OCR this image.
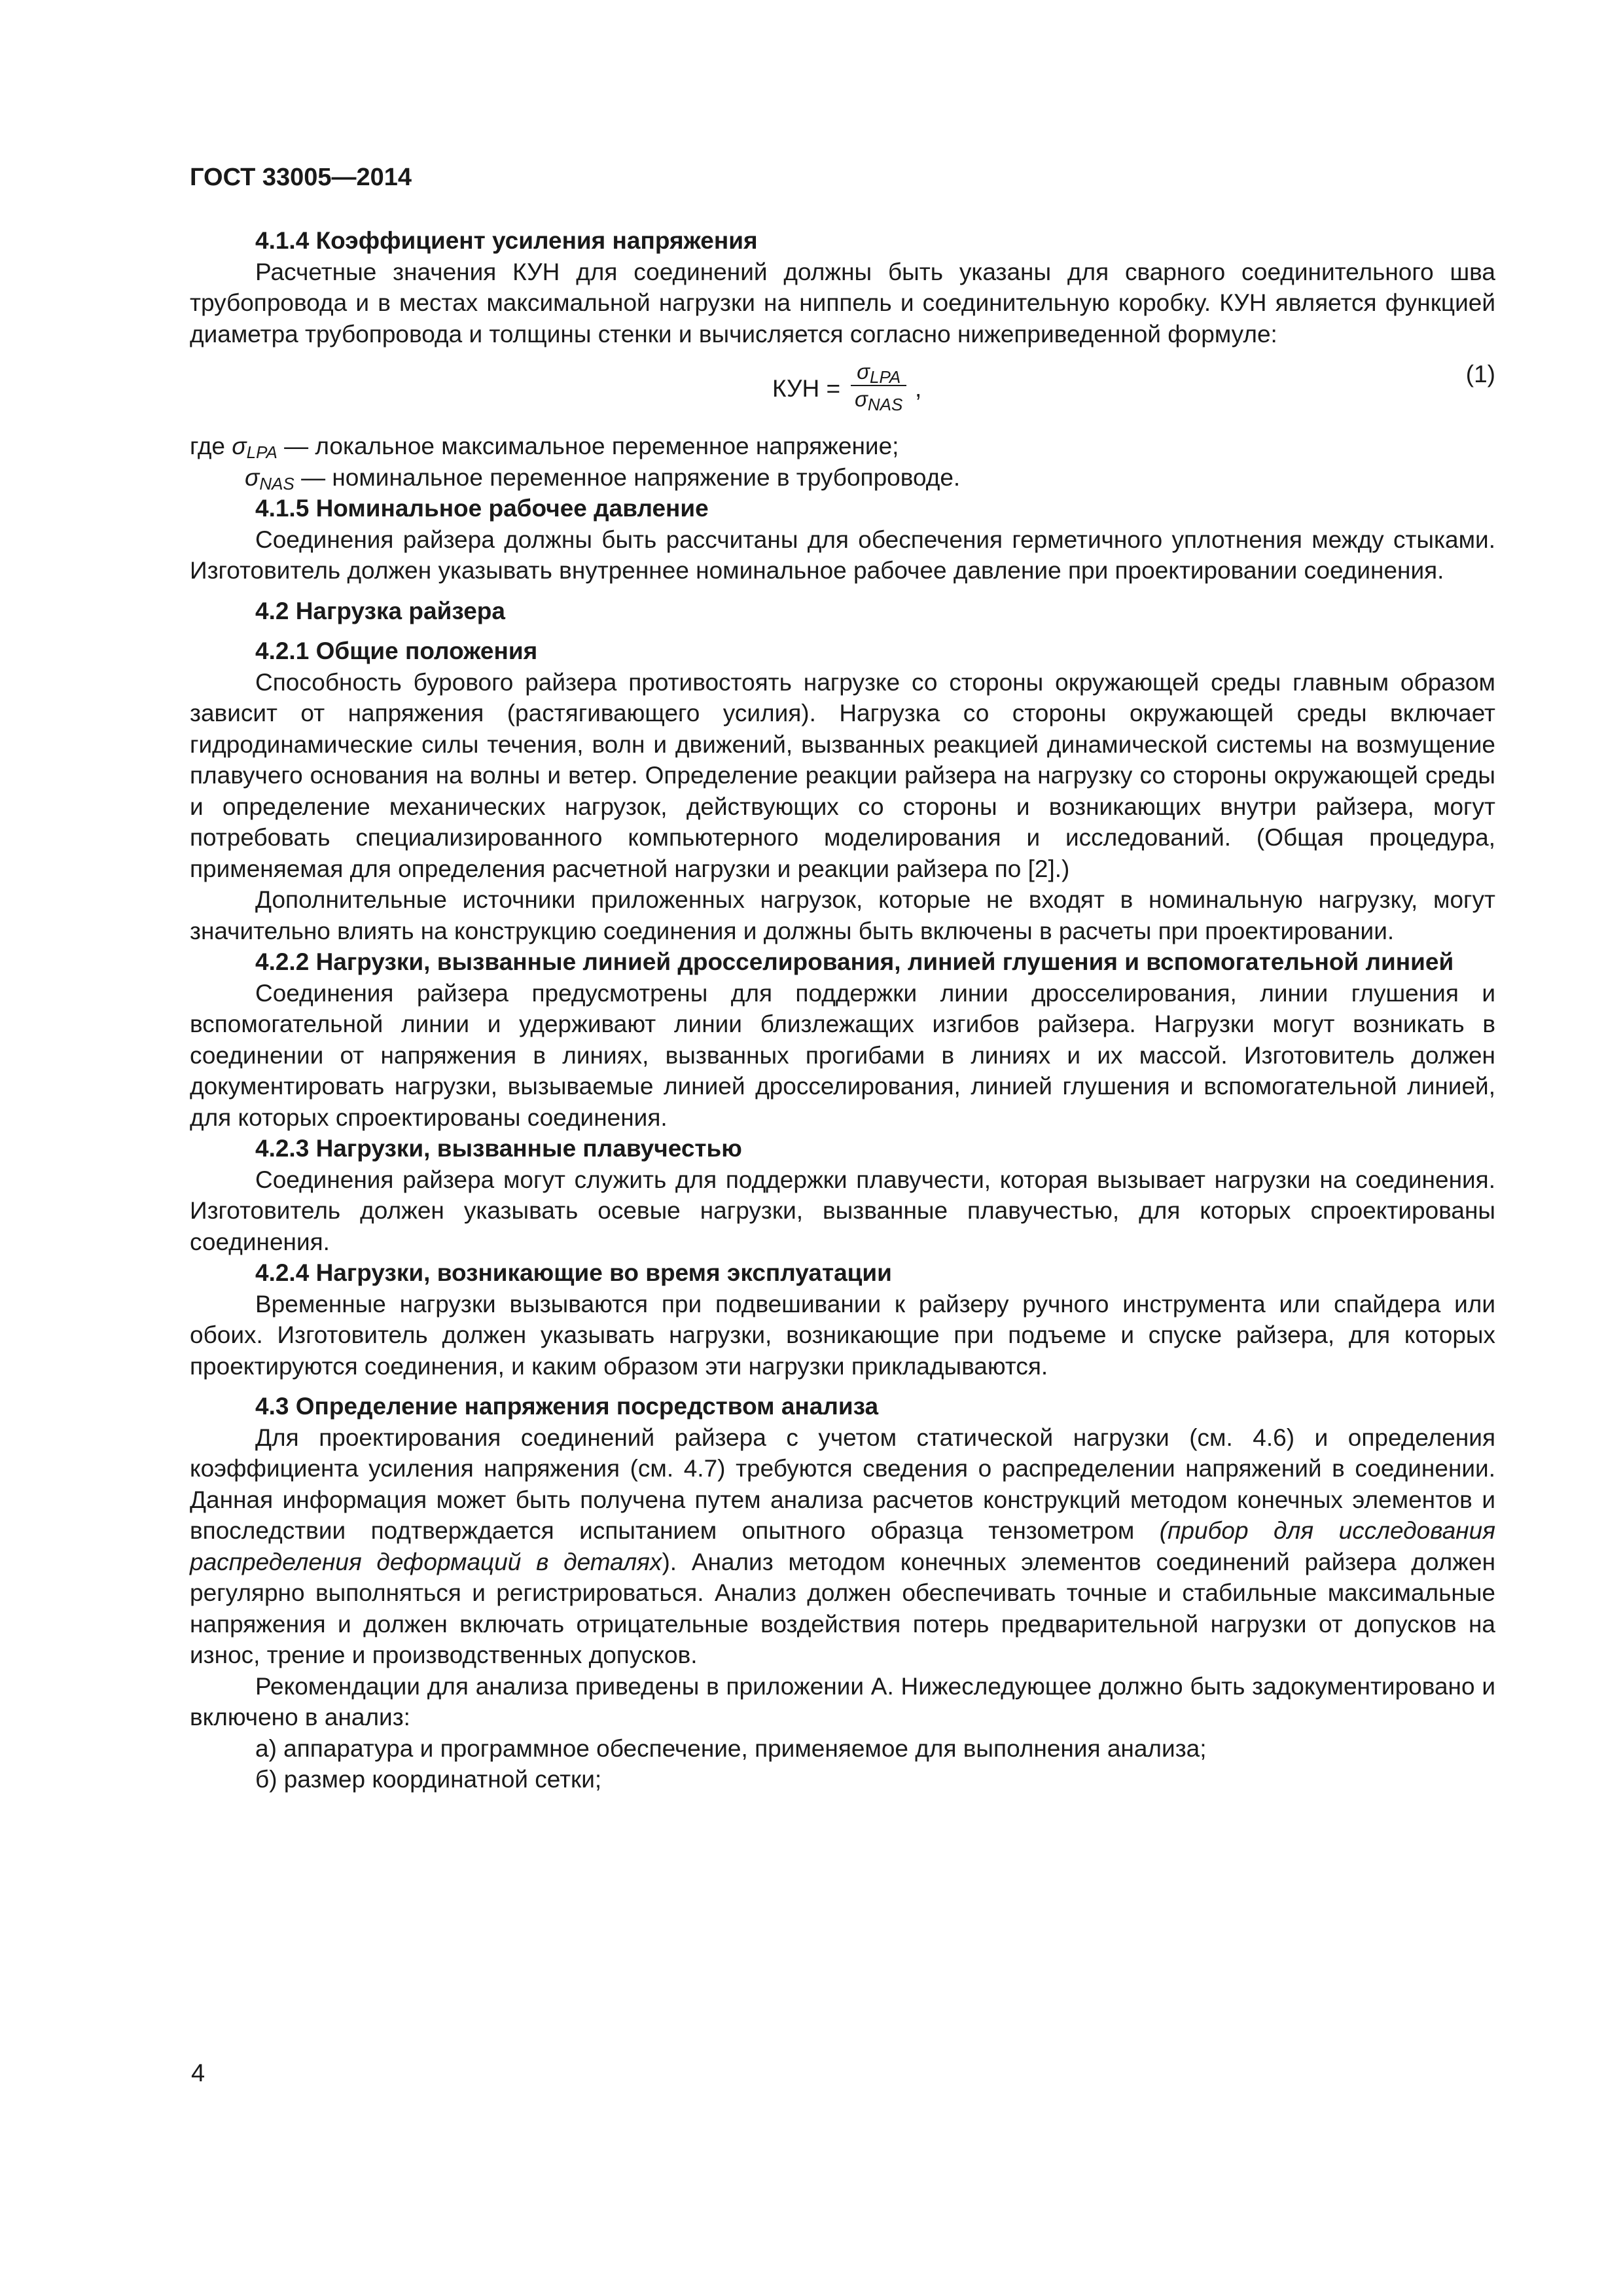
ГОСТ 33005—2014

4.1.4 Коэффициент усиления напряжения

Расчетные значения КУН для соединений должны быть указаны для сварного соединительного шва трубопровода и в местах максимальной нагрузки на ниппель и соединительную коробку. КУН является функцией диаметра трубопровода и толщины стенки и вычисляется согласно нижеприведенной формуле:

КУН =
$\sigma_{LPA}$
$\sigma_{NAS}$
,
(1)

где $\sigma_{LPA}$ — локальное максимальное переменное напряжение;

$\sigma_{NAS}$ — номинальное переменное напряжение в трубопроводе.

4.1.5 Номинальное рабочее давление

Соединения райзера должны быть рассчитаны для обеспечения герметичного уплотнения между стыками. Изготовитель должен указывать внутреннее номинальное рабочее давление при проектировании соединения.

4.2 Нагрузка райзера

4.2.1 Общие положения

Способность бурового райзера противостоять нагрузке со стороны окружающей среды главным образом зависит от напряжения (растягивающего усилия). Нагрузка со стороны окружающей среды включает гидродинамические силы течения, волн и движений, вызванных реакцией динамической системы на возмущение плавучего основания на волны и ветер. Определение реакции райзера на нагрузку со стороны окружающей среды и определение механических нагрузок, действующих со стороны и возникающих внутри райзера, могут потребовать специализированного компьютерного моделирования и исследований. (Общая процедура, применяемая для определения расчетной нагрузки и реакции райзера по [2].)

Дополнительные источники приложенных нагрузок, которые не входят в номинальную нагрузку, могут значительно влиять на конструкцию соединения и должны быть включены в расчеты при проектировании.

4.2.2 Нагрузки, вызванные линией дросселирования, линией глушения и вспомогательной линией

Соединения райзера предусмотрены для поддержки линии дросселирования, линии глушения и вспомогательной линии и удерживают линии близлежащих изгибов райзера. Нагрузки могут возникать в соединении от напряжения в линиях, вызванных прогибами в линиях и их массой. Изготовитель должен документировать нагрузки, вызываемые линией дросселирования, линией глушения и вспомогательной линией, для которых спроектированы соединения.

4.2.3 Нагрузки, вызванные плавучестью

Соединения райзера могут служить для поддержки плавучести, которая вызывает нагрузки на соединения. Изготовитель должен указывать осевые нагрузки, вызванные плавучестью, для которых спроектированы соединения.

4.2.4 Нагрузки, возникающие во время эксплуатации

Временные нагрузки вызываются при подвешивании к райзеру ручного инструмента или спайдера или обоих. Изготовитель должен указывать нагрузки, возникающие при подъеме и спуске райзера, для которых проектируются соединения, и каким образом эти нагрузки прикладываются.

4.3 Определение напряжения посредством анализа

Для проектирования соединений райзера с учетом статической нагрузки (см. 4.6) и определения коэффициента усиления напряжения (см. 4.7) требуются сведения о распределении напряжений в соединении. Данная информация может быть получена путем анализа расчетов конструкций методом конечных элементов и впоследствии подтверждается испытанием опытного образца тензометром (прибор для исследования распределения деформаций в деталях). Анализ методом конечных элементов соединений райзера должен регулярно выполняться и регистрироваться. Анализ должен обеспечивать точные и стабильные максимальные напряжения и должен включать отрицательные воздействия потерь предварительной нагрузки от допусков на износ, трение и производственных допусков.

Рекомендации для анализа приведены в приложении А. Нижеследующее должно быть задокументировано и включено в анализ:

а) аппаратура и программное обеспечение, применяемое для выполнения анализа;

б) размер координатной сетки;

4
